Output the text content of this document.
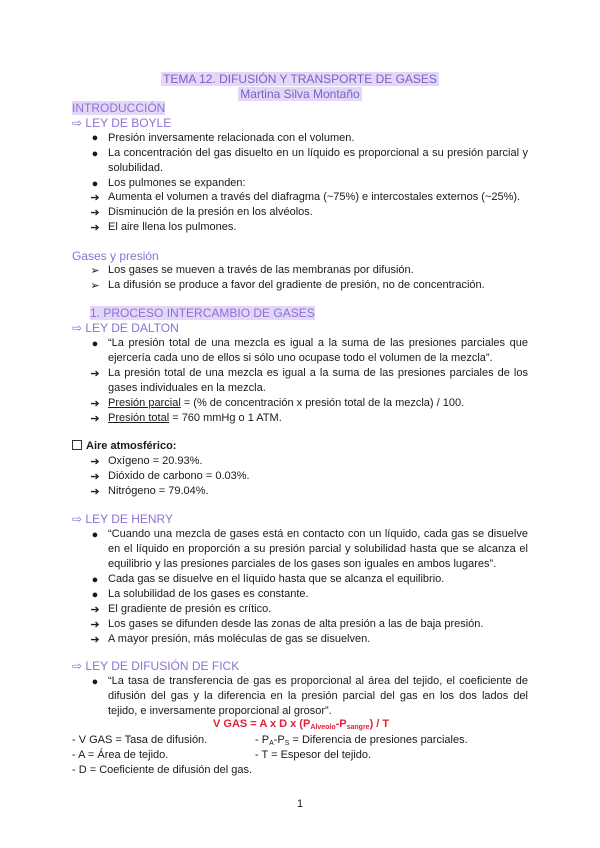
TEMA 12. DIFUSIÓN Y TRANSPORTE DE GASES
Martina Silva Montaño
INTRODUCCIÓN
⇨ LEY DE BOYLE
● Presión inversamente relacionada con el volumen.
● La concentración del gas disuelto en un líquido es proporcional a su presión parcial y solubilidad.
● Los pulmones se expanden:
➔ Aumenta el volumen a través del diafragma (~75%) e intercostales externos (~25%).
➔ Disminución de la presión en los alvéolos.
➔ El aire llena los pulmones.
Gases y presión
➢ Los gases se mueven a través de las membranas por difusión.
➢ La difusión se produce a favor del gradiente de presión, no de concentración.
1. PROCESO INTERCAMBIO DE GASES
⇨ LEY DE DALTON
● “La presión total de una mezcla es igual a la suma de las presiones parciales que ejercería cada uno de ellos si sólo uno ocupase todo el volumen de la mezcla”.
➔ La presión total de una mezcla es igual a la suma de las presiones parciales de los gases individuales en la mezcla.
➔ Presión parcial = (% de concentración x presión total de la mezcla) / 100.
➔ Presión total = 760 mmHg o 1 ATM.
Aire atmosférico:
➔ Oxígeno = 20.93%.
➔ Dióxido de carbono = 0.03%.
➔ Nitrógeno = 79.04%.
⇨ LEY DE HENRY
● “Cuando una mezcla de gases está en contacto con un líquido, cada gas se disuelve en el líquido en proporción a su presión parcial y solubilidad hasta que se alcanza el equilibrio y las presiones parciales de los gases son iguales en ambos lugares”.
● Cada gas se disuelve en el líquido hasta que se alcanza el equilibrio.
● La solubilidad de los gases es constante.
➔ El gradiente de presión es crítico.
➔ Los gases se difunden desde las zonas de alta presión a las de baja presión.
➔ A mayor presión, más moléculas de gas se disuelven.
⇨ LEY DE DIFUSIÓN DE FICK
● “La tasa de transferencia de gas es proporcional al área del tejido, el coeficiente de difusión del gas y la diferencia en la presión parcial del gas en los dos lados del tejido, e inversamente proporcional al grosor”.
V GAS = A x D x $(P_{Alveolo}-P_{sangre})$ / T
- V GAS = Tasa de difusión.	- $P_A-P_S$ = Diferencia de presiones parciales.
- A = Área de tejido.	- T = Espesor del tejido.
- D = Coeficiente de difusión del gas.
1
